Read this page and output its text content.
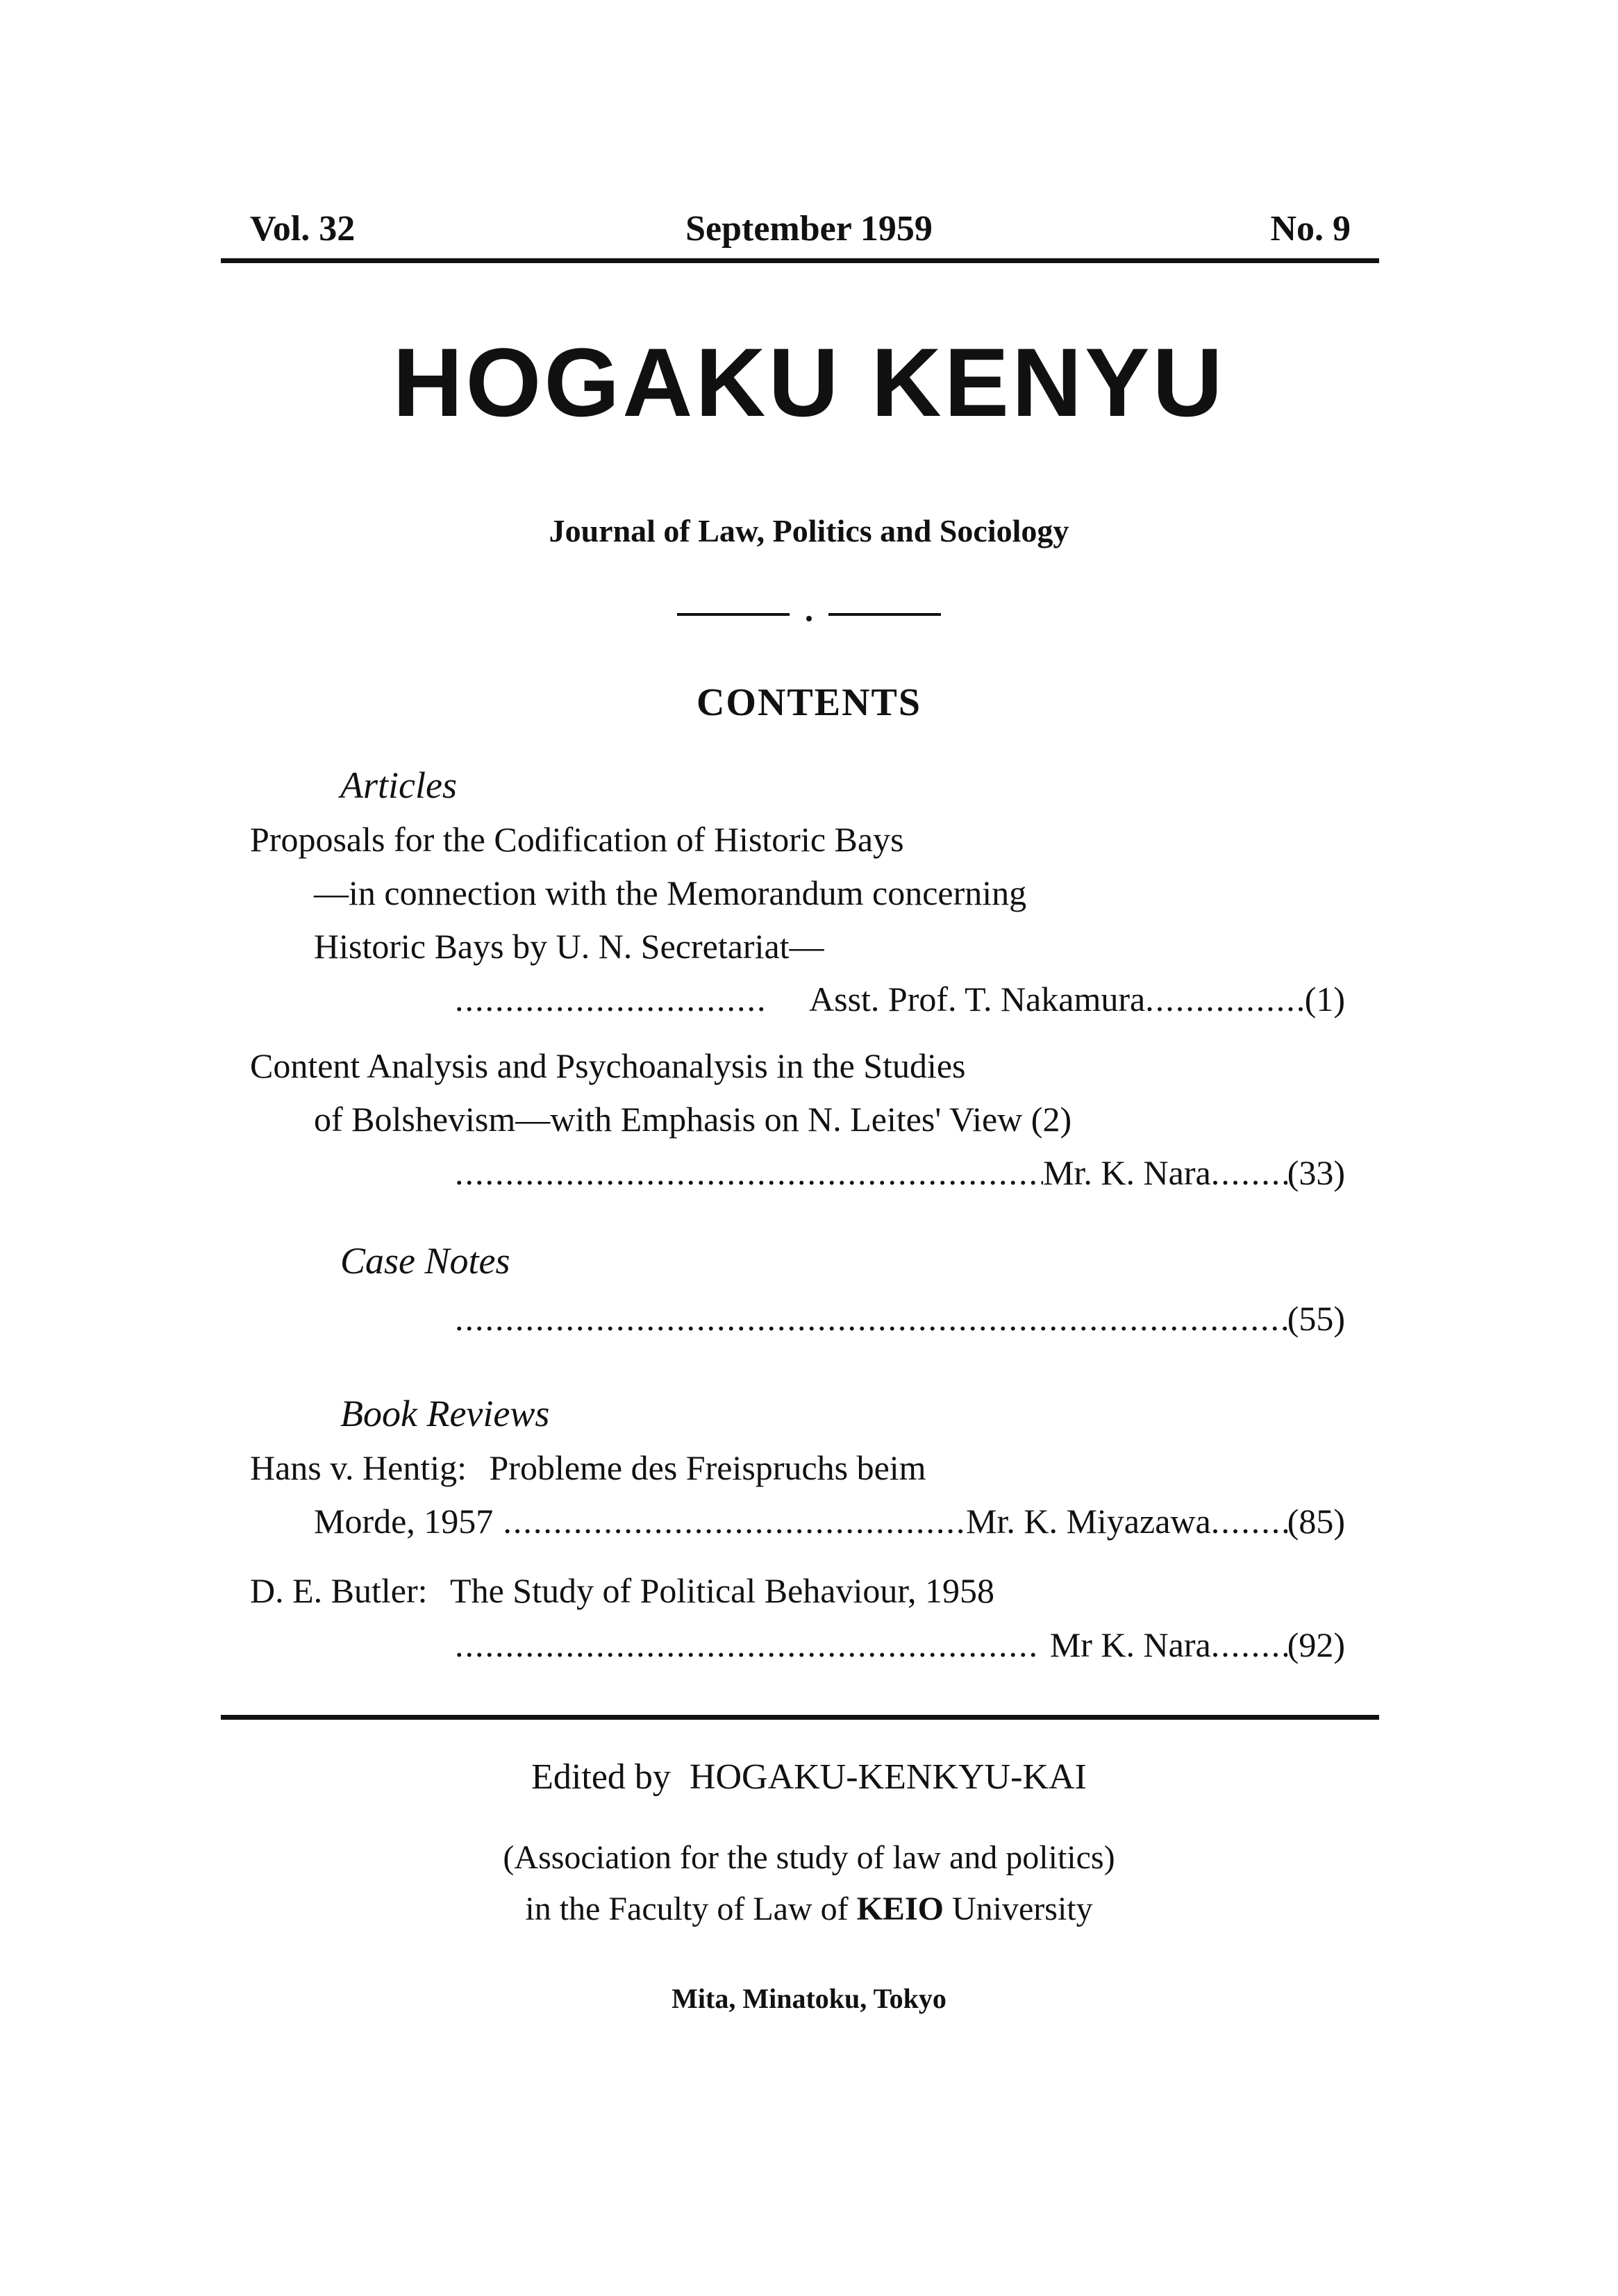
Vol. 32	September 1959	No. 9
HOGAKU KENYU
Journal of Law, Politics and Sociology
CONTENTS
Articles
Proposals for the Codification of Historic Bays
—in connection with the Memorandum concerning
Historic Bays by U. N. Secretariat—
.....
Asst. Prof. T. Nakamura .....	(1)
Content Analysis and Psychoanalysis in the Studies
of Bolshevism—with Emphasis on N. Leites' View (2)
.....
Mr. K. Nara ..... (33)
Case Notes
.....
(55)
Book Reviews
Hans v. Hentig: Probleme des Freispruchs beim
Morde, 1957 .....	Mr. K. Miyazawa ..... (85)
D. E. Butler: The Study of Political Behaviour, 1958
.....
Mr K. Nara ..... (92)
Edited by HOGAKU-KENKYU-KAI
(Association for the study of law and politics)
in the Faculty of Law of KEIO University
Mita, Minatoku, Tokyo
